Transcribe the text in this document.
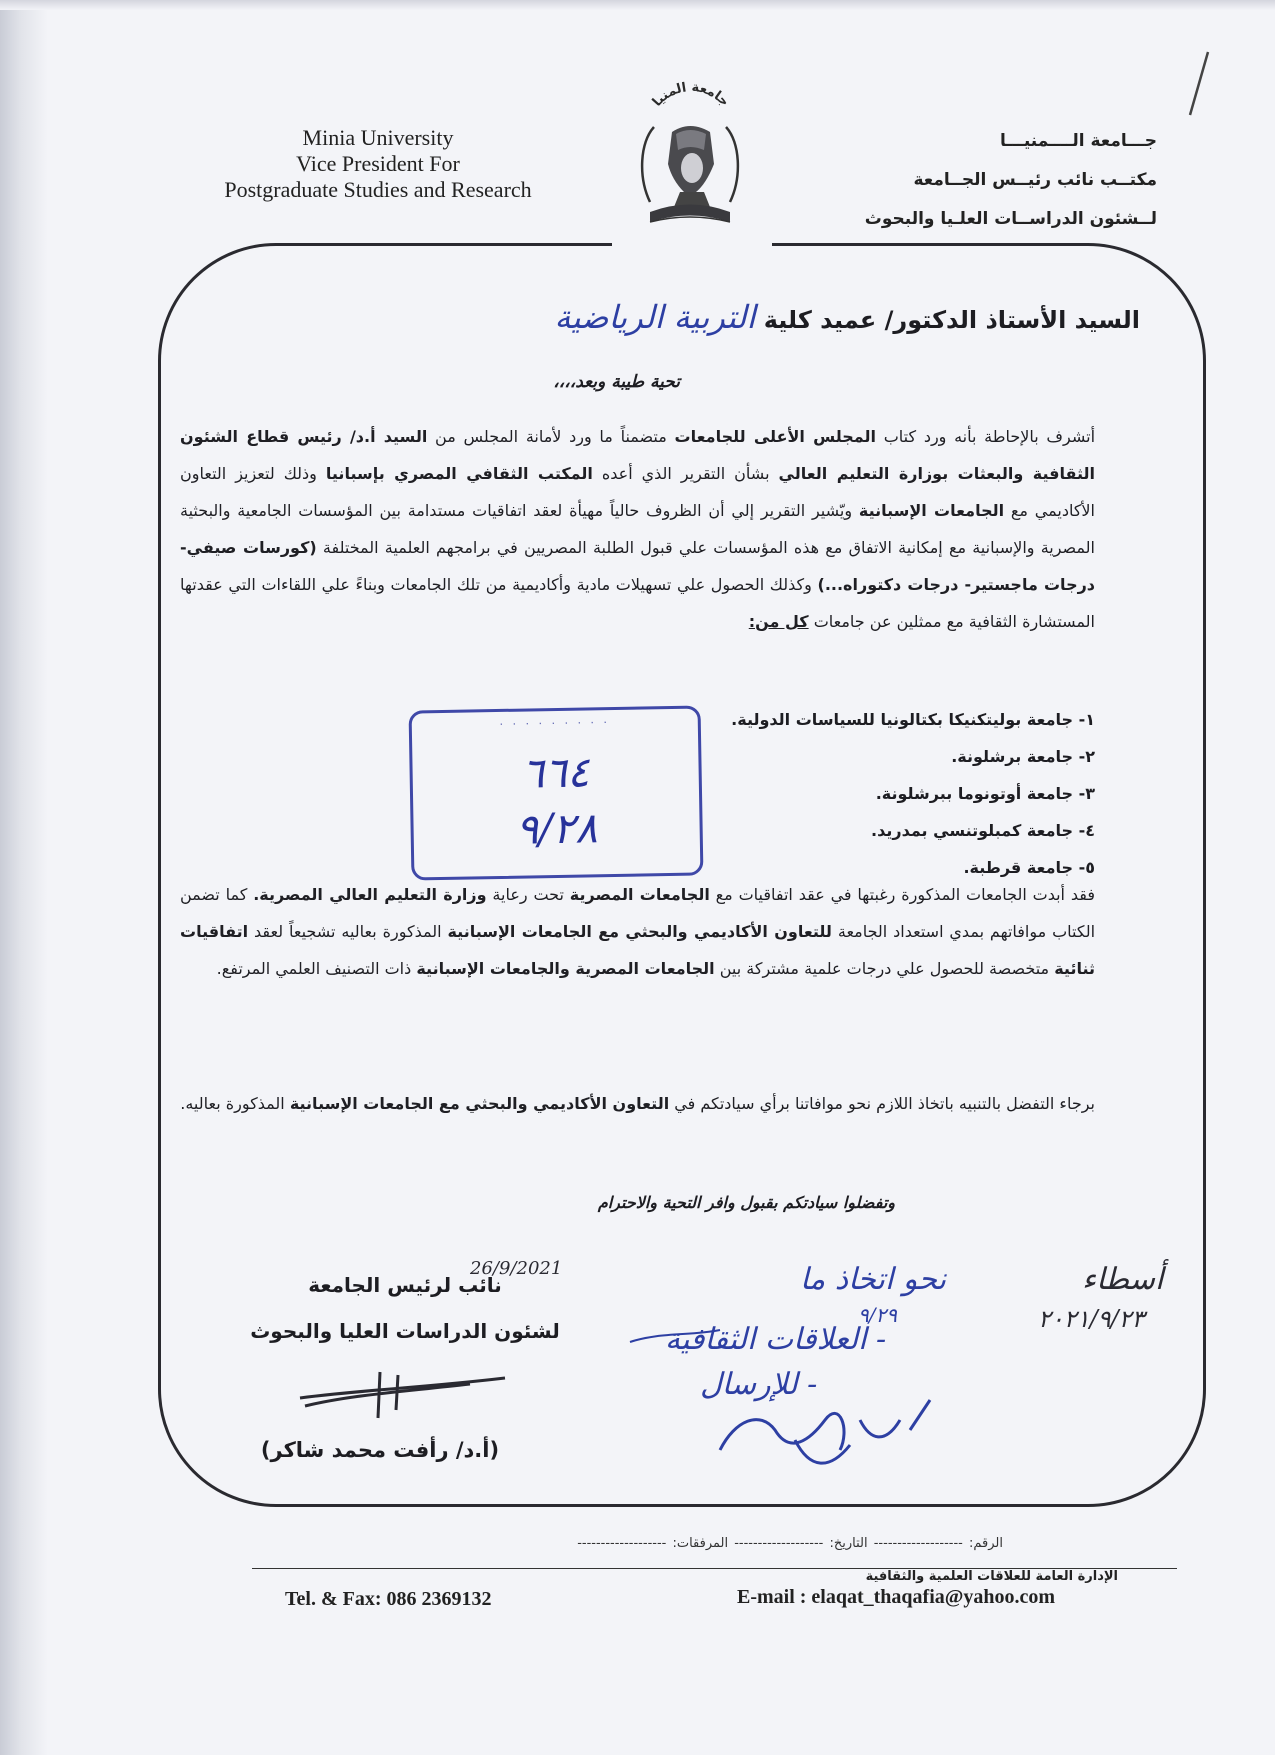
Minia University
Vice President For
Postgraduate Studies and Research
جامعة المنيا
جـــامعة الــــمنيـــا
مكتــب نائب رئيــس الجــامعة
لــشئون الدراســات العلـيا والبحوث
السيد الأستاذ الدكتور/ عميد كلية التربية الرياضية
تحية طيبة وبعد،،،،
أتشرف بالإحاطة بأنه ورد كتاب المجلس الأعلى للجامعات متضمناً ما ورد لأمانة المجلس من السيد أ.د/ رئيس قطاع الشئون الثقافية والبعثات بوزارة التعليم العالي بشأن التقرير الذي أعده المكتب الثقافي المصري بإسبانيا وذلك لتعزيز التعاون الأكاديمي مع الجامعات الإسبانية ويّشير التقرير إلي أن الظروف حالياً مهيأة لعقد اتفاقيات مستدامة بين المؤسسات الجامعية والبحثية المصرية والإسبانية مع إمكانية الاتفاق مع هذه المؤسسات علي قبول الطلبة المصريين في برامجهم العلمية المختلفة (كورسات صيفي- درجات ماجستير- درجات دكتوراه...) وكذلك الحصول علي تسهيلات مادية وأكاديمية من تلك الجامعات وبناءً علي اللقاءات التي عقدتها المستشارة الثقافية مع ممثلين عن جامعات كل من:
١- جامعة بوليتكنيكا بكتالونيا للسياسات الدولية.
٢- جامعة برشلونة.
٣- جامعة أوتونوما ببرشلونة.
٤- جامعة كمبلوتنسي بمدريد.
٥- جامعة قرطبة.
· · · · · · · · ·
٦٦٤
٩/٢٨
فقد أبدت الجامعات المذكورة رغبتها في عقد اتفاقيات مع الجامعات المصرية تحت رعاية وزارة التعليم العالي المصرية. كما تضمن الكتاب موافاتهم بمدي استعداد الجامعة للتعاون الأكاديمي والبحثي مع الجامعات الإسبانية المذكورة بعاليه تشجيعاً لعقد اتفاقيات ثنائية متخصصة للحصول علي درجات علمية مشتركة بين الجامعات المصرية والجامعات الإسبانية ذات التصنيف العلمي المرتفع.
برجاء التفضل بالتنبيه باتخاذ اللازم نحو موافاتنا برأي سيادتكم في التعاون الأكاديمي والبحثي مع الجامعات الإسبانية المذكورة بعاليه.
وتفضلوا سيادتكم بقبول وافر التحية والاحترام
نائب لرئيس الجامعة
لشئون الدراسات العليا والبحوث
(أ.د/ رأفت محمد شاكر)
26/9/2021	أسطاء
٢٠٢١/٩/٢٣
نحو اتخاذ ما
٩/٢٩
- العلاقات الثقافية
- للإرسال
الرقم: ------------------- التاريخ: ------------------- المرفقات: -------------------
الإدارة العامة للعلاقات العلمية والثقافية
Tel. & Fax: 086 2369132	E-mail : elaqat_thaqafia@yahoo.com
